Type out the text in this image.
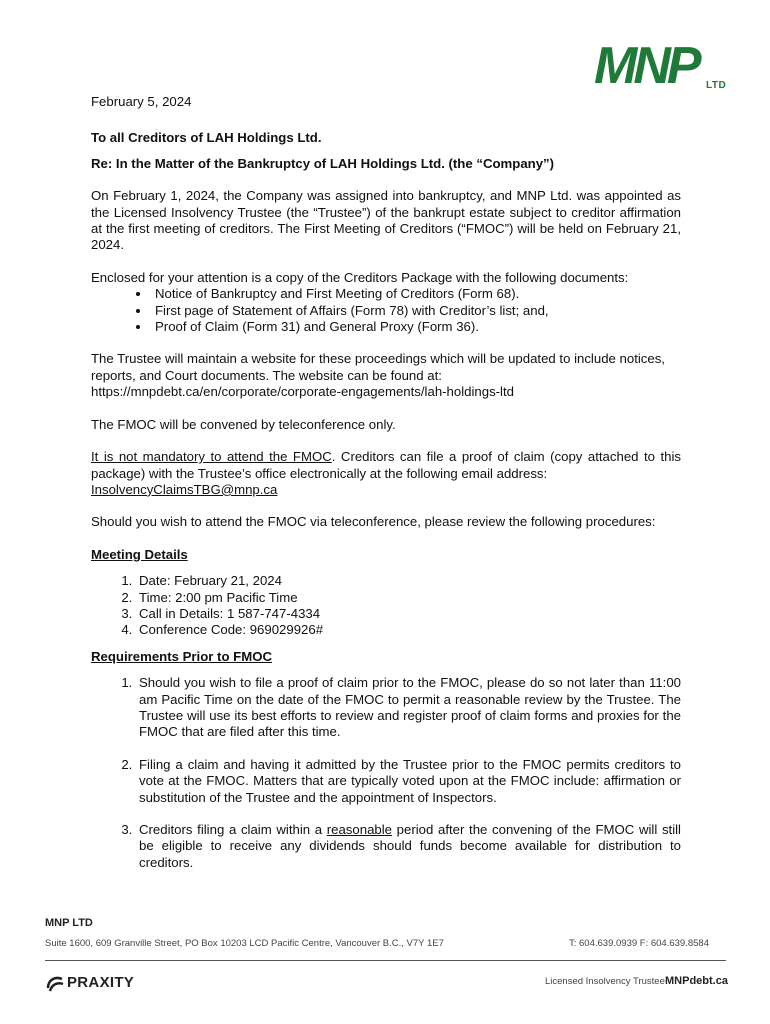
MNP LTD

February 5, 2024

To all Creditors of LAH Holdings Ltd.

Re: In the Matter of the Bankruptcy of LAH Holdings Ltd. (the “Company”)

On February 1, 2024, the Company was assigned into bankruptcy, and MNP Ltd. was appointed as the Licensed Insolvency Trustee (the “Trustee”) of the bankrupt estate subject to creditor affirmation at the first meeting of creditors. The First Meeting of Creditors (“FMOC”) will be held on February 21, 2024.

Enclosed for your attention is a copy of the Creditors Package with the following documents:

• Notice of Bankruptcy and First Meeting of Creditors (Form 68).
• First page of Statement of Affairs (Form 78) with Creditor’s list; and,
• Proof of Claim (Form 31) and General Proxy (Form 36).

The Trustee will maintain a website for these proceedings which will be updated to include notices, reports, and Court documents. The website can be found at:

https://mnpdebt.ca/en/corporate/corporate-engagements/lah-holdings-ltd

The FMOC will be convened by teleconference only.

It is not mandatory to attend the FMOC. Creditors can file a proof of claim (copy attached to this package) with the Trustee’s office electronically at the following email address:
InsolvencyClaimsTBG@mnp.ca

Should you wish to attend the FMOC via teleconference, please review the following procedures:

Meeting Details

1. Date: February 21, 2024
2. Time: 2:00 pm Pacific Time
3. Call in Details: 1 587-747-4334
4. Conference Code: 969029926#

Requirements Prior to FMOC

1. Should you wish to file a proof of claim prior to the FMOC, please do so not later than 11:00 am Pacific Time on the date of the FMOC to permit a reasonable review by the Trustee. The Trustee will use its best efforts to review and register proof of claim forms and proxies for the FMOC that are filed after this time.
2. Filing a claim and having it admitted by the Trustee prior to the FMOC permits creditors to vote at the FMOC. Matters that are typically voted upon at the FMOC include: affirmation or substitution of the Trustee and the appointment of Inspectors.
3. Creditors filing a claim within a reasonable period after the convening of the FMOC will still be eligible to receive any dividends should funds become available for distribution to creditors.
MNP LTD
Suite 1600, 609 Granville Street, PO Box 10203 LCD Pacific Centre, Vancouver B.C., V7Y 1E7	T: 604.639.0939 F: 604.639.8584
PRAXITY	Licensed Insolvency Trustee MNPdebt.ca
